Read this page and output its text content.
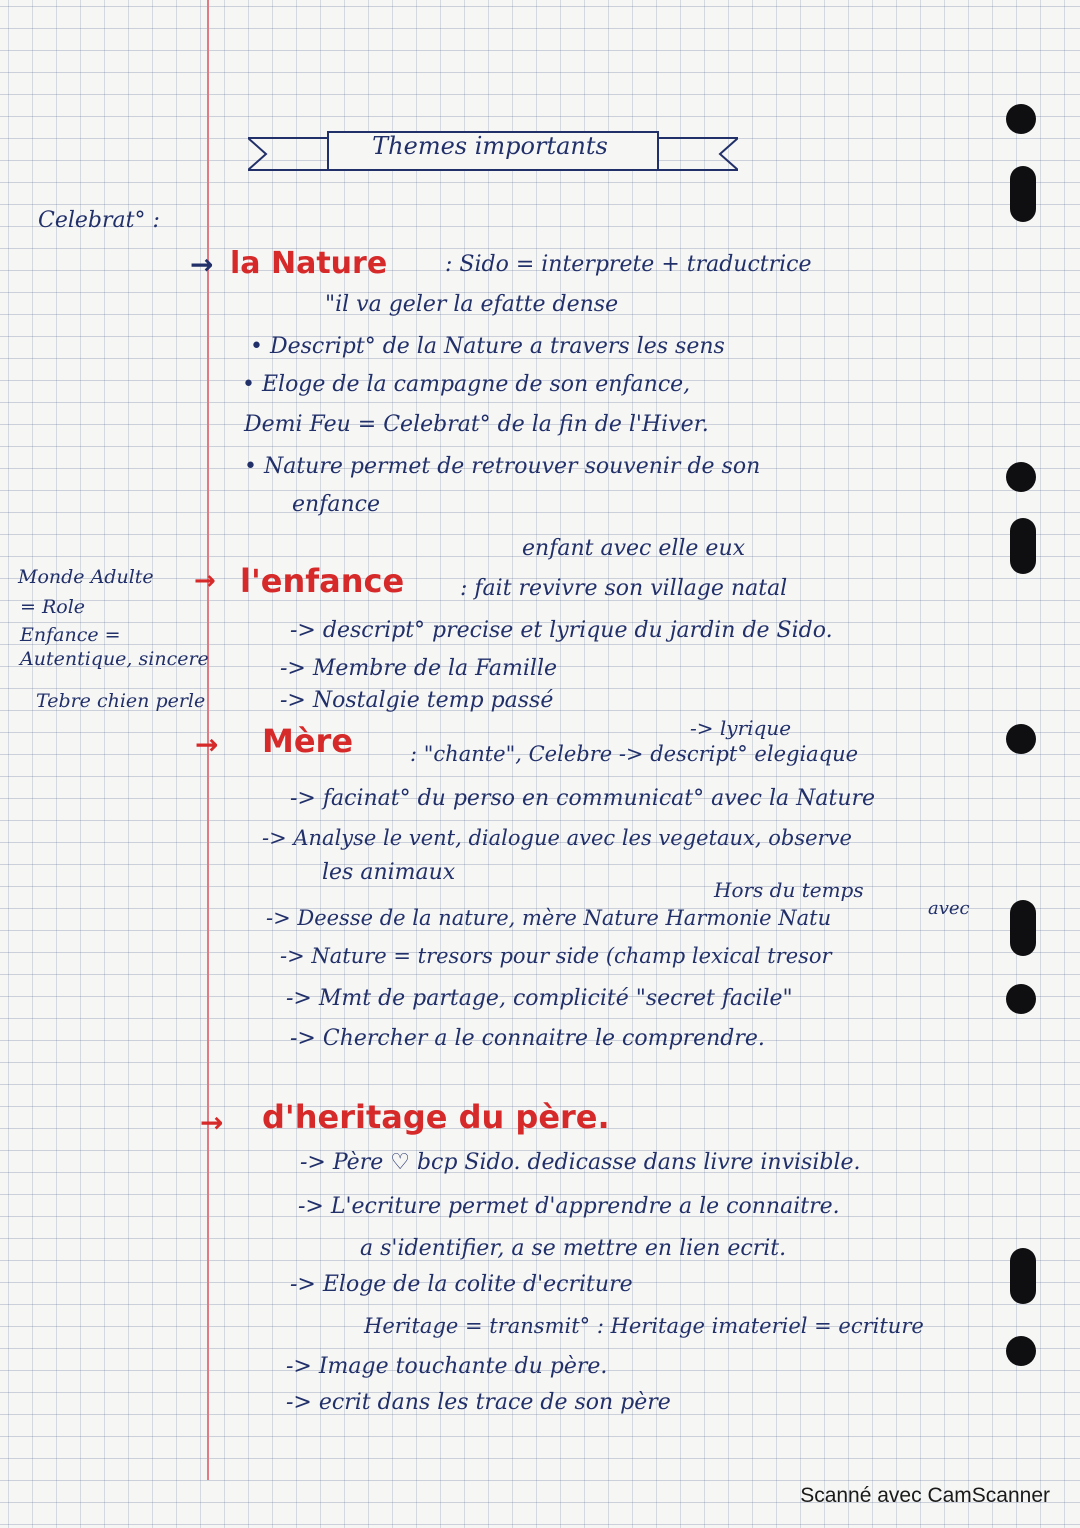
Themes importants
Celebrat° :
Monde Adulte
= Role
Enfance =
Autentique, sincere
Tebre chien perle
→ la Nature	: Sido = interprete + traductrice
"il va geler la efatte dense
• Descript° de la Nature a travers les sens
• Eloge de la campagne de son enfance,
Demi Feu = Celebrat° de la fin de l'Hiver.
• Nature permet de retrouver souvenir de son
enfance
enfant avec elle eux
→ l'enfance	: fait revivre son village natal
-> descript° precise et lyrique du jardin de Sido.
-> Membre de la Famille
-> Nostalgie temp passé
→ Mère	-> lyrique
: "chante", Celebre -> descript° elegiaque
-> facinat° du perso en communicat° avec la Nature
-> Analyse le vent, dialogue avec les vegetaux, observe
les animaux
Hors du temps
avec
-> Deesse de la nature, mère Nature Harmonie Natu
-> Nature = tresors pour side (champ lexical tresor
-> Mmt de partage, complicité "secret facile"
-> Chercher a le connaitre le comprendre.
→ d'heritage du père.
-> Père ♡ bcp Sido. dedicasse dans livre invisible.
-> L'ecriture permet d'apprendre a le connaitre.
a s'identifier, a se mettre en lien ecrit.
-> Eloge de la colite d'ecriture
Heritage = transmit° : Heritage imateriel = ecriture
-> Image touchante du père.
-> ecrit dans les trace de son père
Scanné avec CamScanner
